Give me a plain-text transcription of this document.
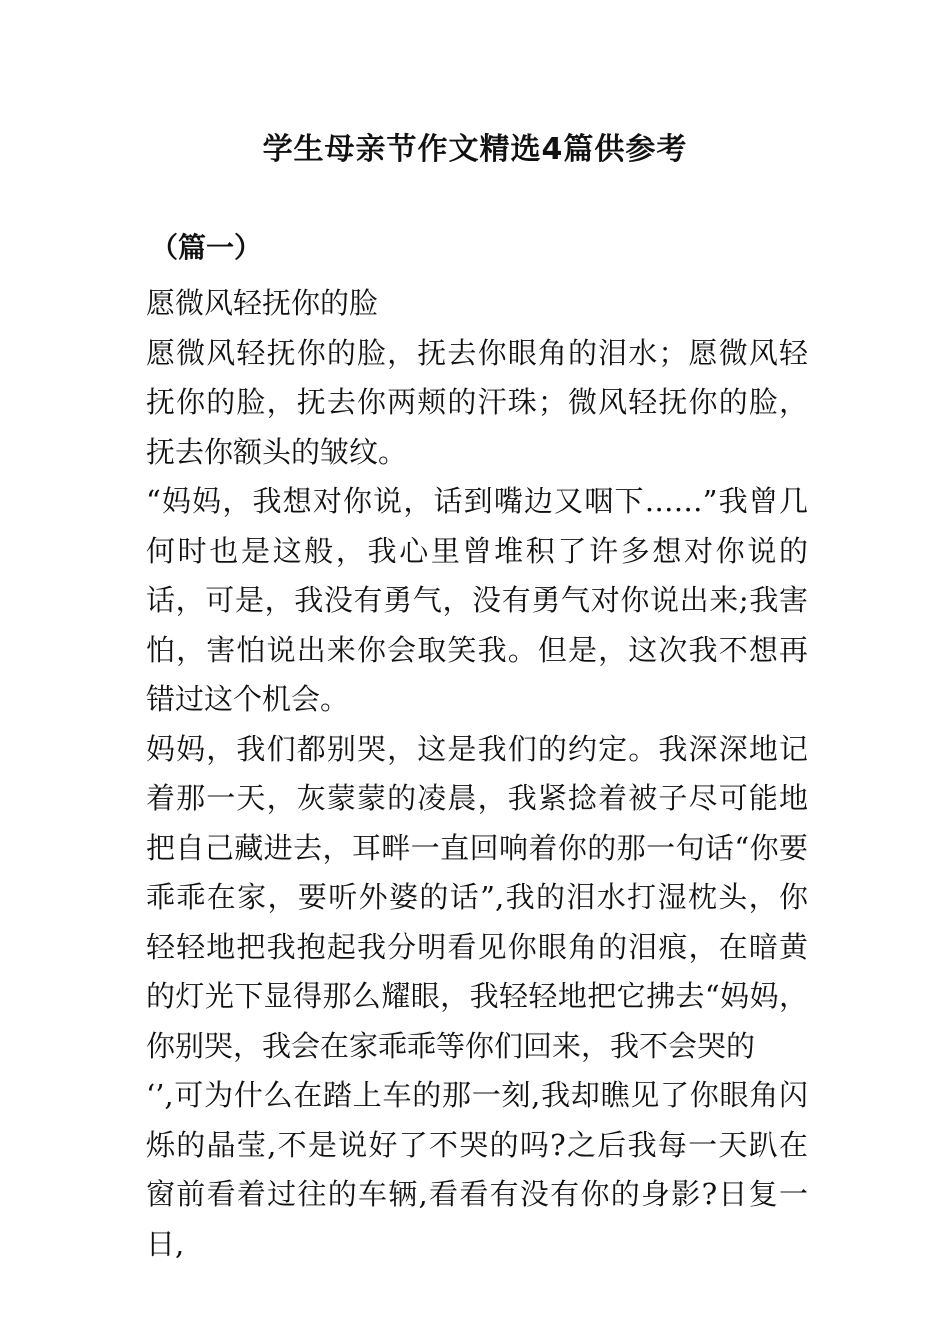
学生母亲节作文精选4篇供参考
（篇一）

愿微风轻抚你的脸

愿微风轻抚你的脸，抚去你眼角的泪水；愿微风轻抚你的脸，抚去你两颊的汗珠；微风轻抚你的脸，抚去你额头的皱纹。

“妈妈，我想对你说，话到嘴边又咽下……”我曾几何时也是这般，我心里曾堆积了许多想对你说的话，可是，我没有勇气，没有勇气对你说出来;我害怕，害怕说出来你会取笑我。但是，这次我不想再错过这个机会。

妈妈，我们都别哭，这是我们的约定。我深深地记着那一天，灰蒙蒙的凌晨，我紧捻着被子尽可能地把自己藏进去，耳畔一直回响着你的那一句话“你要乖乖在家，要听外婆的话”,我的泪水打湿枕头，你轻轻地把我抱起我分明看见你眼角的泪痕，在暗黄的灯光下显得那么耀眼，我轻轻地把它拂去“妈妈，你别哭，我会在家乖乖等你们回来，我不会哭的

‘’,可为什么在踏上车的那一刻,我却瞧见了你眼角闪烁的晶莹,不是说好了不哭的吗?之后我每一天趴在窗前看着过往的车辆,看看有没有你的身影?日复一日,
